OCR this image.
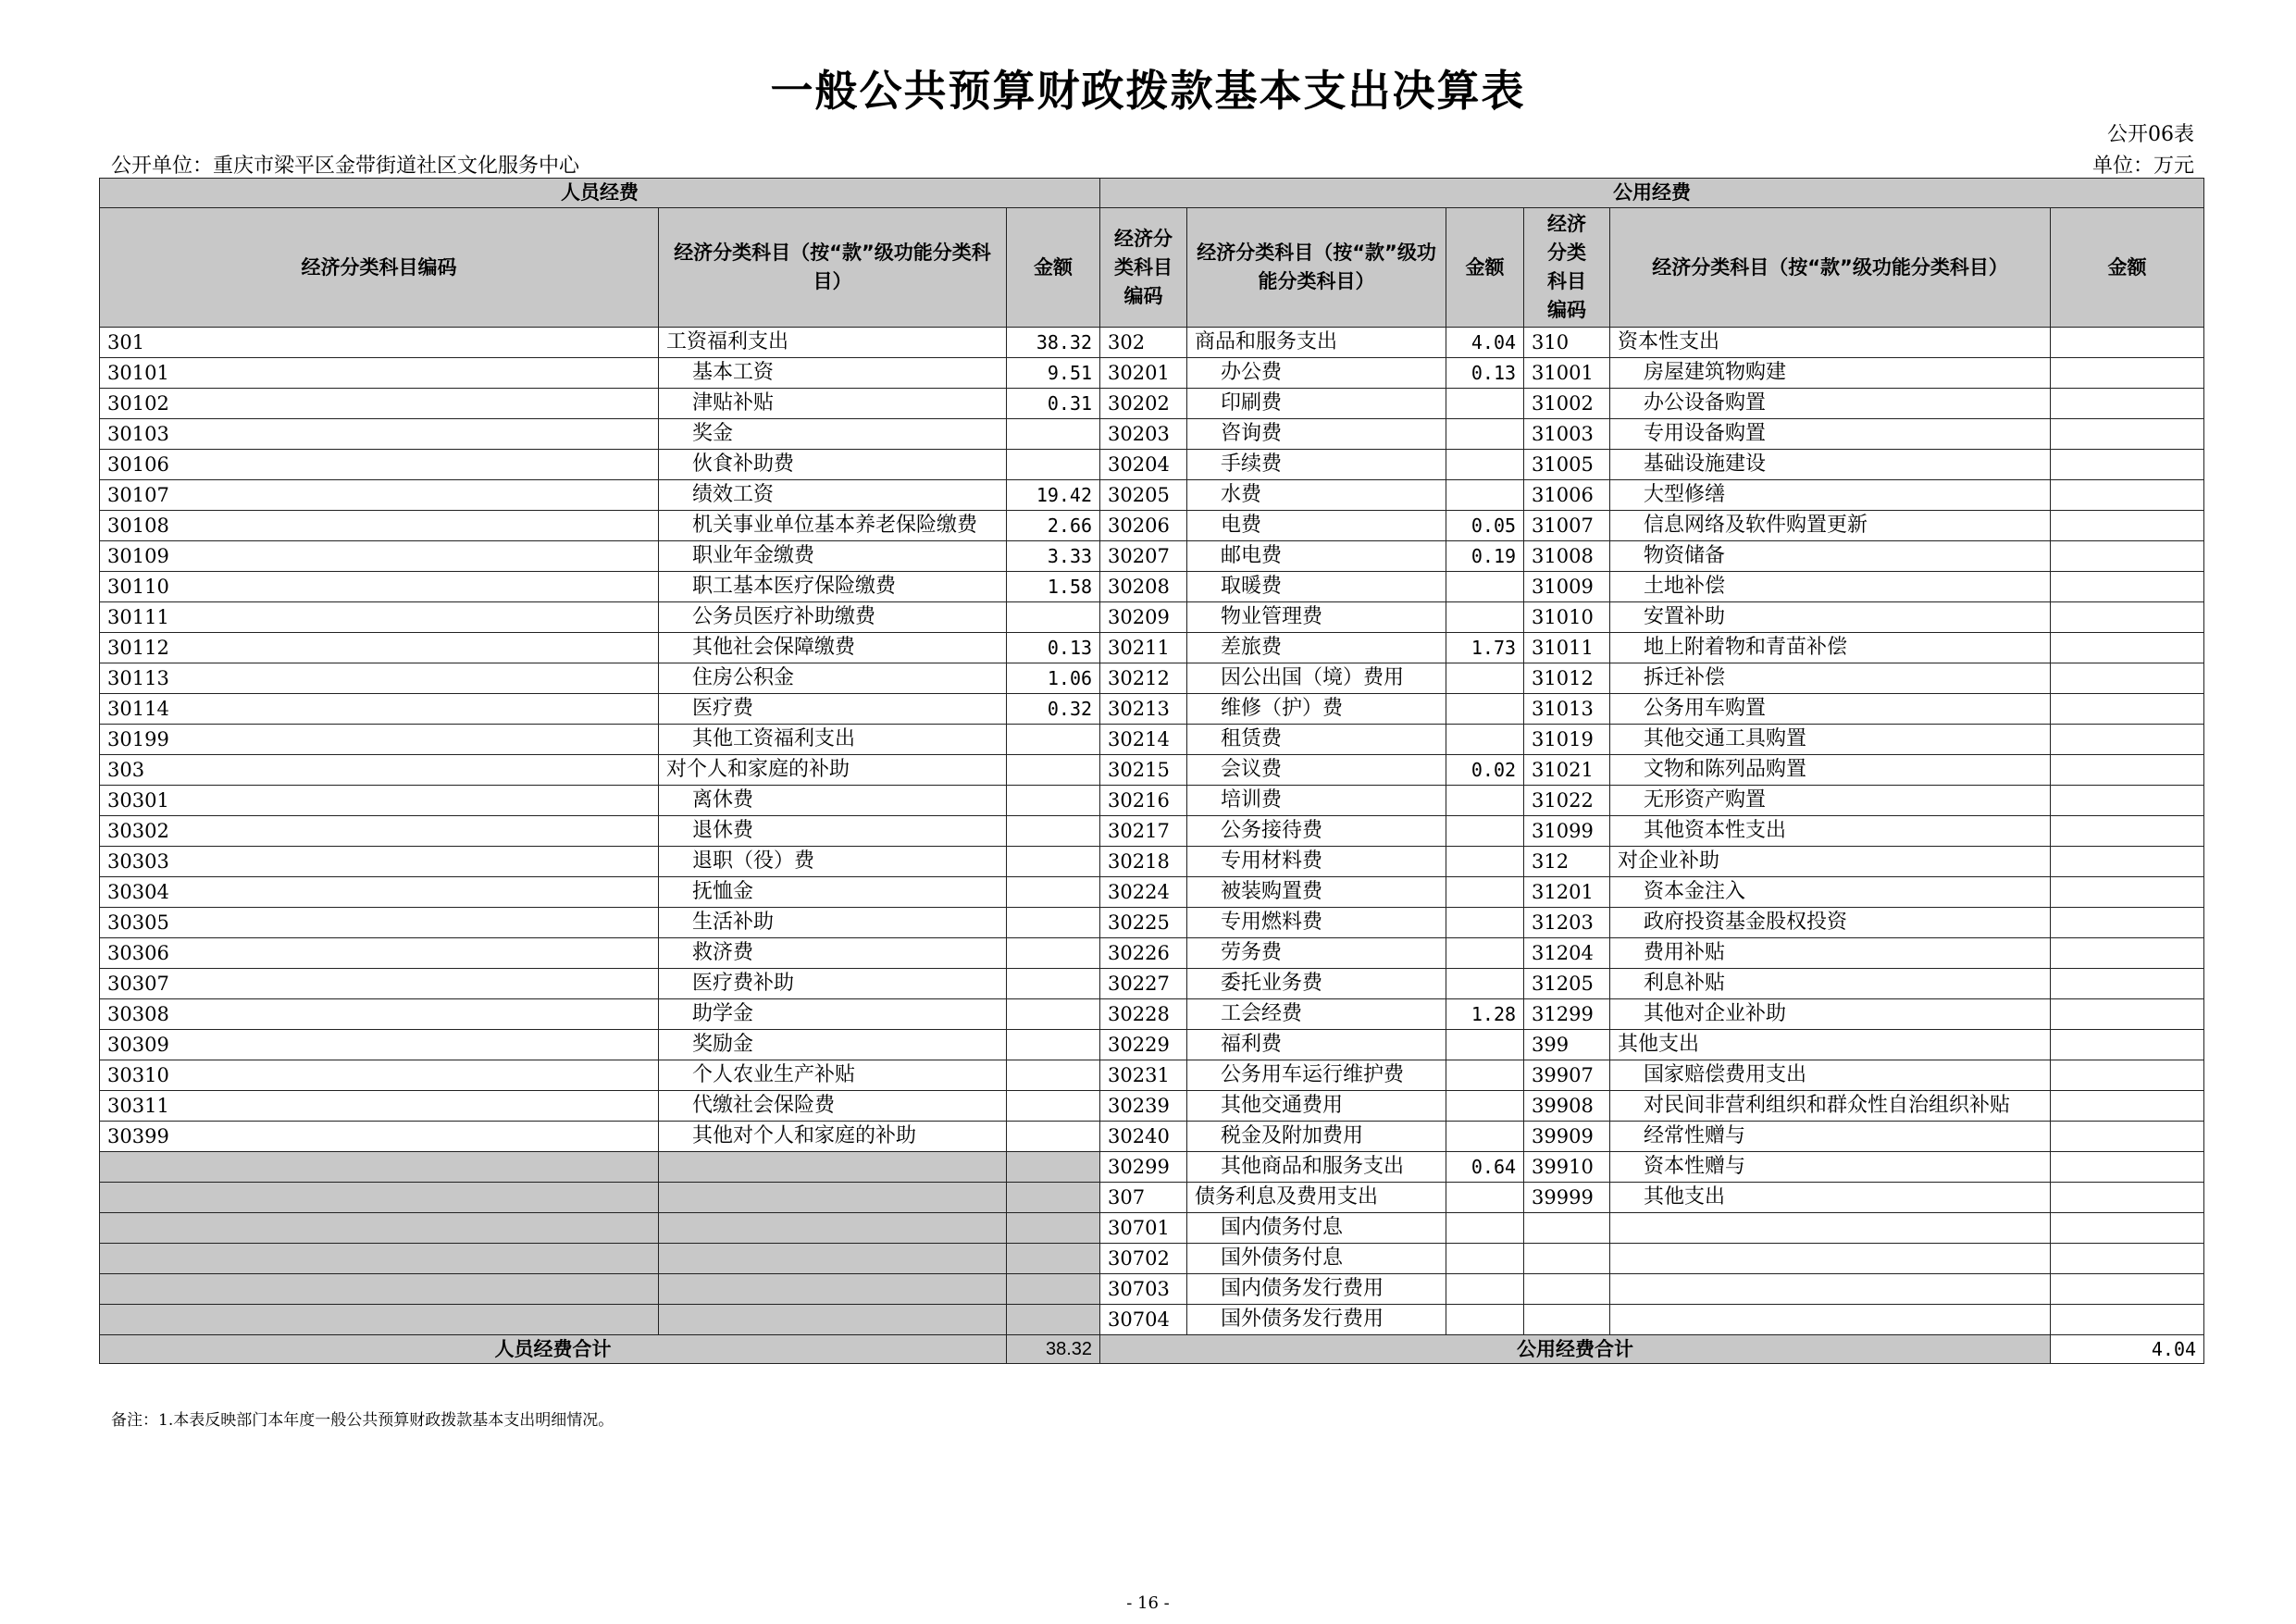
一般公共预算财政拨款基本支出决算表
公开06表
公开单位：重庆市梁平区金带街道社区文化服务中心	单位：万元
人员经费			公用经费					
经济分类科目编码	经济分类科目（按“款”级功能分类科目）	金额	经济分类科目编码	经济分类科目（按“款”级功能分类科目）	金额	经济分类科目编码	经济分类科目（按“款”级功能分类科目）	金额
301	工资福利支出	38.32	302	商品和服务支出	4.04	310	资本性支出	
30101	基本工资	9.51	30201	办公费	0.13	31001	房屋建筑物购建	
30102	津贴补贴	0.31	30202	印刷费		31002	办公设备购置	
30103	奖金		30203	咨询费		31003	专用设备购置	
30106	伙食补助费		30204	手续费		31005	基础设施建设	
30107	绩效工资	19.42	30205	水费		31006	大型修缮	
30108	机关事业单位基本养老保险缴费	2.66	30206	电费	0.05	31007	信息网络及软件购置更新	
30109	职业年金缴费	3.33	30207	邮电费	0.19	31008	物资储备	
30110	职工基本医疗保险缴费	1.58	30208	取暖费		31009	土地补偿	
30111	公务员医疗补助缴费		30209	物业管理费		31010	安置补助	
30112	其他社会保障缴费	0.13	30211	差旅费	1.73	31011	地上附着物和青苗补偿	
30113	住房公积金	1.06	30212	因公出国（境）费用		31012	拆迁补偿	
30114	医疗费	0.32	30213	维修（护）费		31013	公务用车购置	
30199	其他工资福利支出		30214	租赁费		31019	其他交通工具购置	
303	对个人和家庭的补助		30215	会议费	0.02	31021	文物和陈列品购置	
30301	离休费		30216	培训费		31022	无形资产购置	
30302	退休费		30217	公务接待费		31099	其他资本性支出	
30303	退职（役）费		30218	专用材料费		312	对企业补助	
30304	抚恤金		30224	被装购置费		31201	资本金注入	
30305	生活补助		30225	专用燃料费		31203	政府投资基金股权投资	
30306	救济费		30226	劳务费		31204	费用补贴	
30307	医疗费补助		30227	委托业务费		31205	利息补贴	
30308	助学金		30228	工会经费	1.28	31299	其他对企业补助	
30309	奖励金		30229	福利费		399	其他支出	
30310	个人农业生产补贴		30231	公务用车运行维护费		39907	国家赔偿费用支出	
30311	代缴社会保险费		30239	其他交通费用		39908	对民间非营利组织和群众性自治组织补贴	
30399	其他对个人和家庭的补助		30240	税金及附加费用		39909	经常性赠与	
			30299	其他商品和服务支出	0.64	39910	资本性赠与	
			307	债务利息及费用支出		39999	其他支出	
			30701	国内债务付息				
			30702	国外债务付息				
			30703	国内债务发行费用				
			30704	国外债务发行费用				
人员经费合计		38.32	公用经费合计					4.04
备注：1.本表反映部门本年度一般公共预算财政拨款基本支出明细情况。
- 16 -
